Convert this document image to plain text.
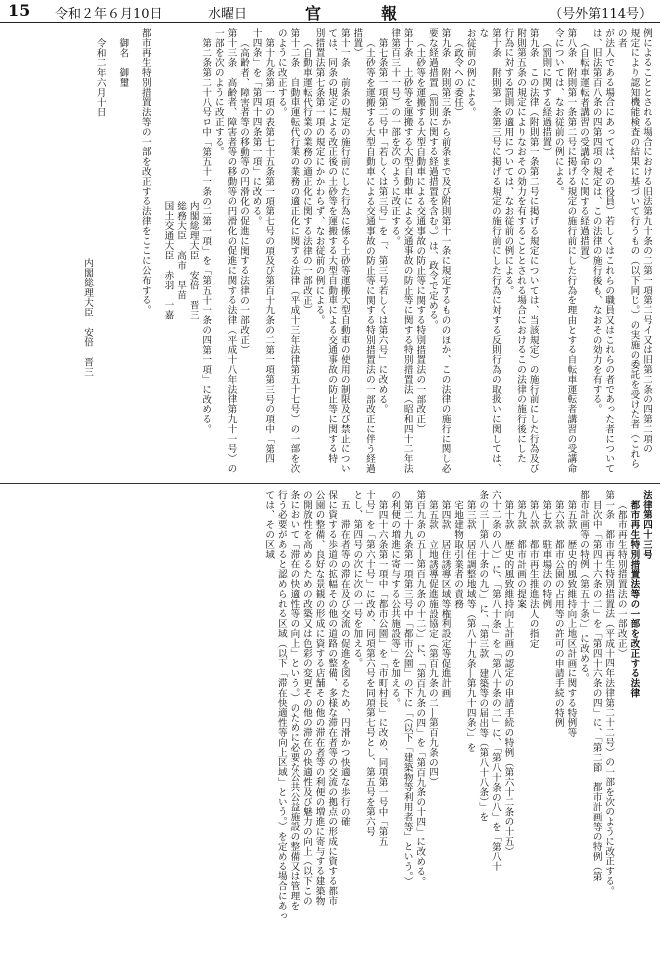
15 令和２年６月10日	水曜日	官　報	（号外第114号）

例によることとされる場合における旧法第九十条の二第一項第二号イ又は旧第二条の四第二項の

規定により認知機能検査の結果に基づいて行うもの（以下同じ。）の実施の委託を受けた者（これらの者

が法人である場合にあっては、その役員）若しくはこれらの職員又はこれらの者であった者について

は、旧法第百八条の四第四項の規定は、この法律の施行後も、なおその効力を有する。

（自転車運転者講習の受講命令に関する経過措置）

第八条　附則第一条第二号に掲げる規定の施行前にした行為を理由とする自転車運転者講習の受講命

令については、なお従前の例による。

（罰則に関する経過措置）

第九条　この法律（附則第一条第二号に掲げる規定については、当該規定）の施行前にした行為及び

附則第五条の規定によりなおその効力を有することとされる場合におけるこの法律の施行後にした

行為に対する罰則の適用については、なお従前の例による。

第十条　附則第一条第三号に掲げる規定の施行前にした行為に対する反則行為の取扱いに関しては、な

お従前の例による。

（政令への委任）

第九条　附則第三条から前条まで及び附則第十一条に規定するもののほか、この法律の施行に関し必

要な経過措置（罰則に関する経過措置を含む。）は、政令で定める。

（土砂等を運搬する大型自動車による交通事故の防止等に関する特別措置法の一部改正）

第十条　土砂等を運搬する大型自動車による交通事故の防止等に関する特別措置法（昭和四十二年法

律第百三十一号）の一部を次のように改正する。

第七条第一項第二号中「若しくは第三号」を「、第三号若しくは第六号」に改める。

（土砂等を運搬する大型自動車による交通事故の防止等に関する特別措置法の一部改正に伴う経過

措置）

第十一条　前条の規定の施行前にした行為に係る土砂等運搬大型自動車の使用の制限及び禁止につい

ては、同条の規定による改正後の土砂等を運搬する大型自動車による交通事故の防止等に関する特

別措置法第七条第一項の規定にかかわらず、なお従前の例による。

（自動車運転代行業の業務の適正化に関する法律の一部改正）

第十二条　自動車運転代行業の業務の適正化に関する法律（平成十三年法律第五十七号）の一部を次

のように改正する。

第十九条第一項の表第七十五条第一項第七号の項及び第百十九条の二第一項第三号の項中「第四

十四条」を「第四十四条第一項」に改める。

（高齢者、障害者等の移動等の円滑化の促進に関する法律の一部改正）

第十三条　高齢者、障害者等の移動等の円滑化の促進に関する法律（平成十八年法律第九十一号）の

一部を次のように改正する。

第二条第二十八号ロ中「第五十一条の二第一項」を「第五十一条の四第一項」に改める。

内閣総理大臣　安倍　晋三

総務大臣　高市　早苗

国土交通大臣　赤羽　一嘉

都市再生特別措置法等の一部を改正する法律をここに公布する。

御名　御璽

令和二年六月十日

内閣総理大臣　安倍　晋三

法律第四十三号

都市再生特別措置法等の一部を改正する法律

（都市再生特別措置法の一部改正）

第一条　都市再生特別措置法（平成十四年法律第二十二号）の一部を次のように改正する。

目次中「第四十六条の二」を「第四十六条の四」に、「第二節　都市計画等の特例（第

都市計画等の特例（第五十条）」に改める。

第五款　歴史的風致維持向上地区計画に関する特例等

第六款　都市公園の占用等の許可の申請手続の特例

第七款　駐車場法の特例

第八款　都市再生推進法人の指定

第九款　都市計画の提案

第十款　歴史的風致維持向上計画の認定の申請手続の特例（第六十二条の十五）

六十二条の八）」に、「第八十条」を「第八十条の二」に、「第八十条の八」を「第八十

条の三―第八十条の九）」に、「第三款　建築等の届出等（第八十八条）」を

第三款　居住調整地域等（第八十九条―第九十四条）」を

宅地建物取引業者の責務

第四款　居住誘導区域等権利設定等促進計画

第五款　立地誘導促進施設協定（第百九条の二―第百九条の四）

第百九条の五―第百九条の十二）」に、「第百九条の四」を「第百九条の十四」に改める。

第二十九条第一項第三号中「都市公園」の下に「（以下「建築物等利用者等」という。）

の利便の増進に寄与する公共施設等」を加える。

第四十六条第一項中「都市公園」を「市町村長」に改め、同項第一号中「第五

十号」を「第六十号」に改め、同項第六号を同項第七号とし、第五号を第六号

とし、第四号の次に次の一号を加える。

五　滞在者等の滞在及び交流の促進を図るため、円滑かつ快適な歩行の確

保に資する歩道の拡幅その他の道路の整備、多様な滞在者等の交流の拠点の形成に資する都市

公園の整備、良好な景観の形成に資する店舗その他の滞在者等の利便の増進に寄与する建築物

の開放性を高めるための改築又は色彩の変更その他の滞在の快適性及び魅力の向上（以下この

条において「滞在の快適性等の向上」という。）のために必要な公共公益施設の整備又は管理を

行う必要があると認められる区域（以下「滞在快適性等向上区域」という。）を定める場合にあっ

ては、その区域
